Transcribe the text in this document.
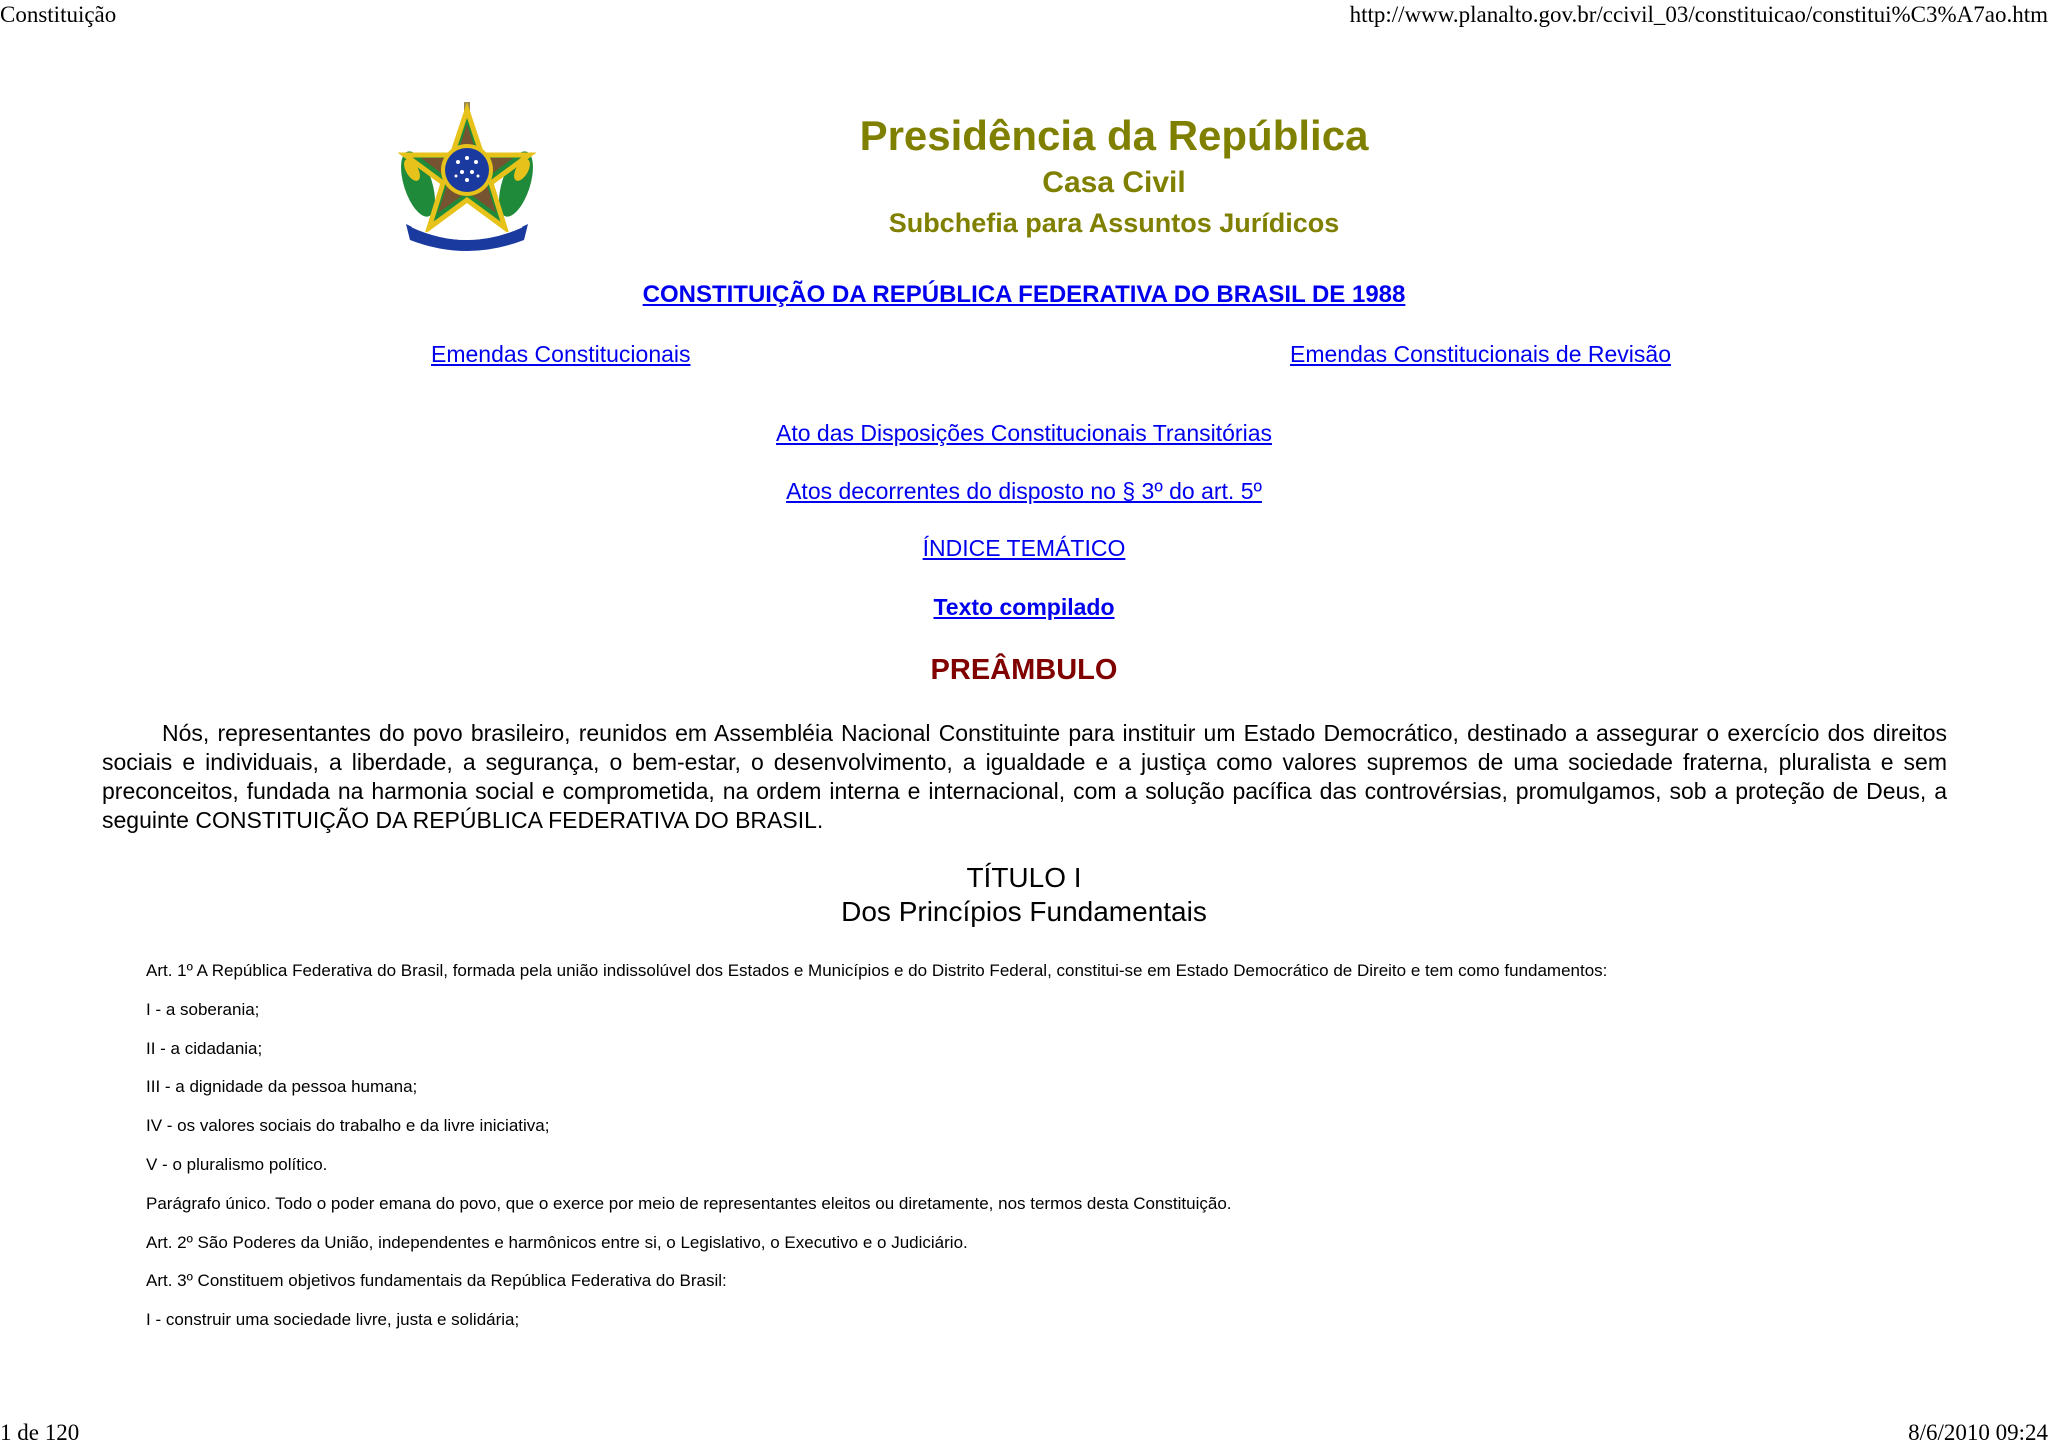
Constituição	http://www.planalto.gov.br/ccivil_03/constituicao/constitui%C3%A7ao.htm
Presidência da República
Casa Civil
Subchefia para Assuntos Jurídicos
CONSTITUIÇÃO DA REPÚBLICA FEDERATIVA DO BRASIL DE 1988
Emendas Constitucionais	Emendas Constitucionais de Revisão
Ato das Disposições Constitucionais Transitórias
Atos decorrentes do disposto no § 3º do art. 5º
ÍNDICE TEMÁTICO
Texto compilado
PREÂMBULO

Nós, representantes do povo brasileiro, reunidos em Assembléia Nacional Constituinte para instituir um Estado Democrático, destinado a assegurar o exercício dos direitos sociais e individuais, a liberdade, a segurança, o bem-estar, o desenvolvimento, a igualdade e a justiça como valores supremos de uma sociedade fraterna, pluralista e sem preconceitos, fundada na harmonia social e comprometida, na ordem interna e internacional, com a solução pacífica das controvérsias, promulgamos, sob a proteção de Deus, a seguinte CONSTITUIÇÃO DA REPÚBLICA FEDERATIVA DO BRASIL.

TÍTULO I
Dos Princípios Fundamentais
Art. 1º A República Federativa do Brasil, formada pela união indissolúvel dos Estados e Municípios e do Distrito Federal, constitui-se em Estado Democrático de Direito e tem como fundamentos:
I - a soberania;
II - a cidadania;
III - a dignidade da pessoa humana;
IV - os valores sociais do trabalho e da livre iniciativa;
V - o pluralismo político.
Parágrafo único. Todo o poder emana do povo, que o exerce por meio de representantes eleitos ou diretamente, nos termos desta Constituição.
Art. 2º São Poderes da União, independentes e harmônicos entre si, o Legislativo, o Executivo e o Judiciário.
Art. 3º Constituem objetivos fundamentais da República Federativa do Brasil:
I - construir uma sociedade livre, justa e solidária;
1 de 120	8/6/2010 09:24
